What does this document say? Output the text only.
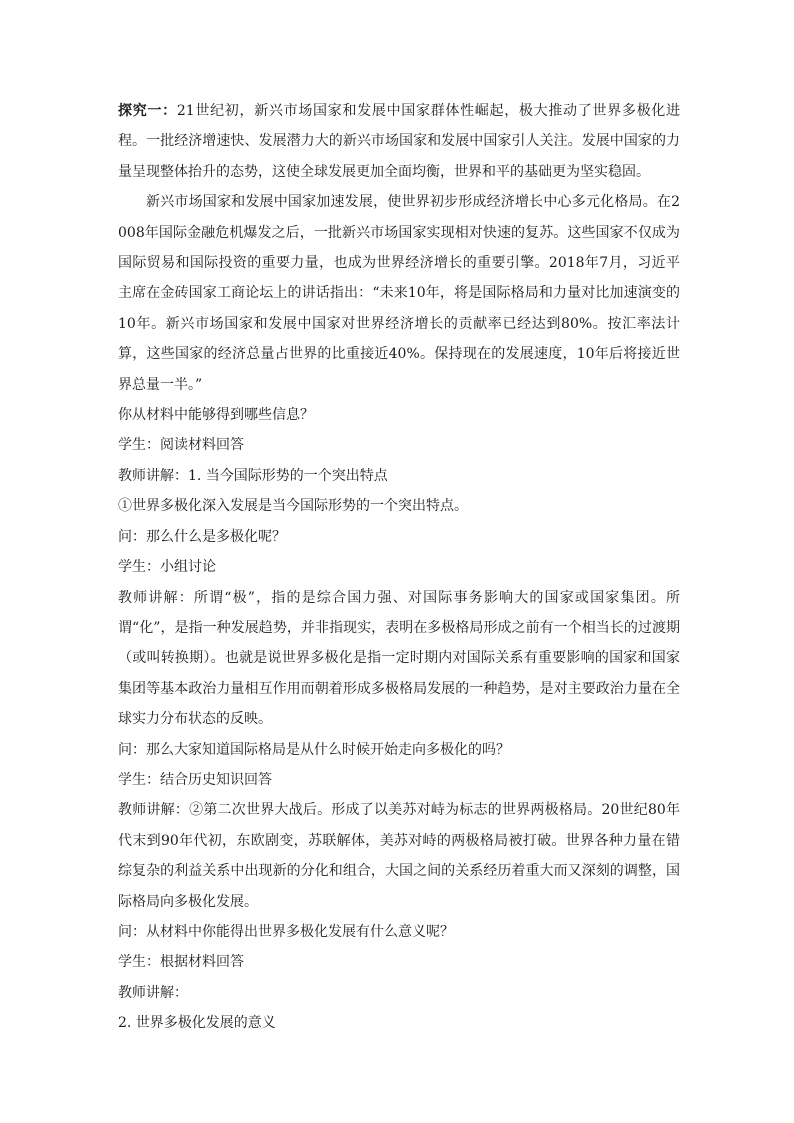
探究一：21世纪初，新兴市场国家和发展中国家群体性崛起，极大推动了世界多极化进程。一批经济增速快、发展潜力大的新兴市场国家和发展中国家引人关注。发展中国家的力量呈现整体抬升的态势，这使全球发展更加全面均衡，世界和平的基础更为坚实稳固。

新兴市场国家和发展中国家加速发展，使世界初步形成经济增长中心多元化格局。在2008年国际金融危机爆发之后，一批新兴市场国家实现相对快速的复苏。这些国家不仅成为国际贸易和国际投资的重要力量，也成为世界经济增长的重要引擎。2018年7月，习近平主席在金砖国家工商论坛上的讲话指出：“未来10年，将是国际格局和力量对比加速演变的10年。新兴市场国家和发展中国家对世界经济增长的贡献率已经达到80%。按汇率法计算，这些国家的经济总量占世界的比重接近40%。保持现在的发展速度，10年后将接近世界总量一半。”

你从材料中能够得到哪些信息？

学生：阅读材料回答

教师讲解：1. 当今国际形势的一个突出特点

①世界多极化深入发展是当今国际形势的一个突出特点。

问：那么什么是多极化呢？

学生：小组讨论

教师讲解：所谓“极”，指的是综合国力强、对国际事务影响大的国家或国家集团。所谓“化”，是指一种发展趋势，并非指现实，表明在多极格局形成之前有一个相当长的过渡期（或叫转换期）。也就是说世界多极化是指一定时期内对国际关系有重要影响的国家和国家集团等基本政治力量相互作用而朝着形成多极格局发展的一种趋势，是对主要政治力量在全球实力分布状态的反映。

问：那么大家知道国际格局是从什么时候开始走向多极化的吗？

学生：结合历史知识回答

教师讲解：②第二次世界大战后。形成了以美苏对峙为标志的世界两极格局。20世纪80年代末到90年代初，东欧剧变，苏联解体，美苏对峙的两极格局被打破。世界各种力量在错综复杂的利益关系中出现新的分化和组合，大国之间的关系经历着重大而又深刻的调整，国际格局向多极化发展。

问：从材料中你能得出世界多极化发展有什么意义呢？

学生：根据材料回答

教师讲解：

2. 世界多极化发展的意义
